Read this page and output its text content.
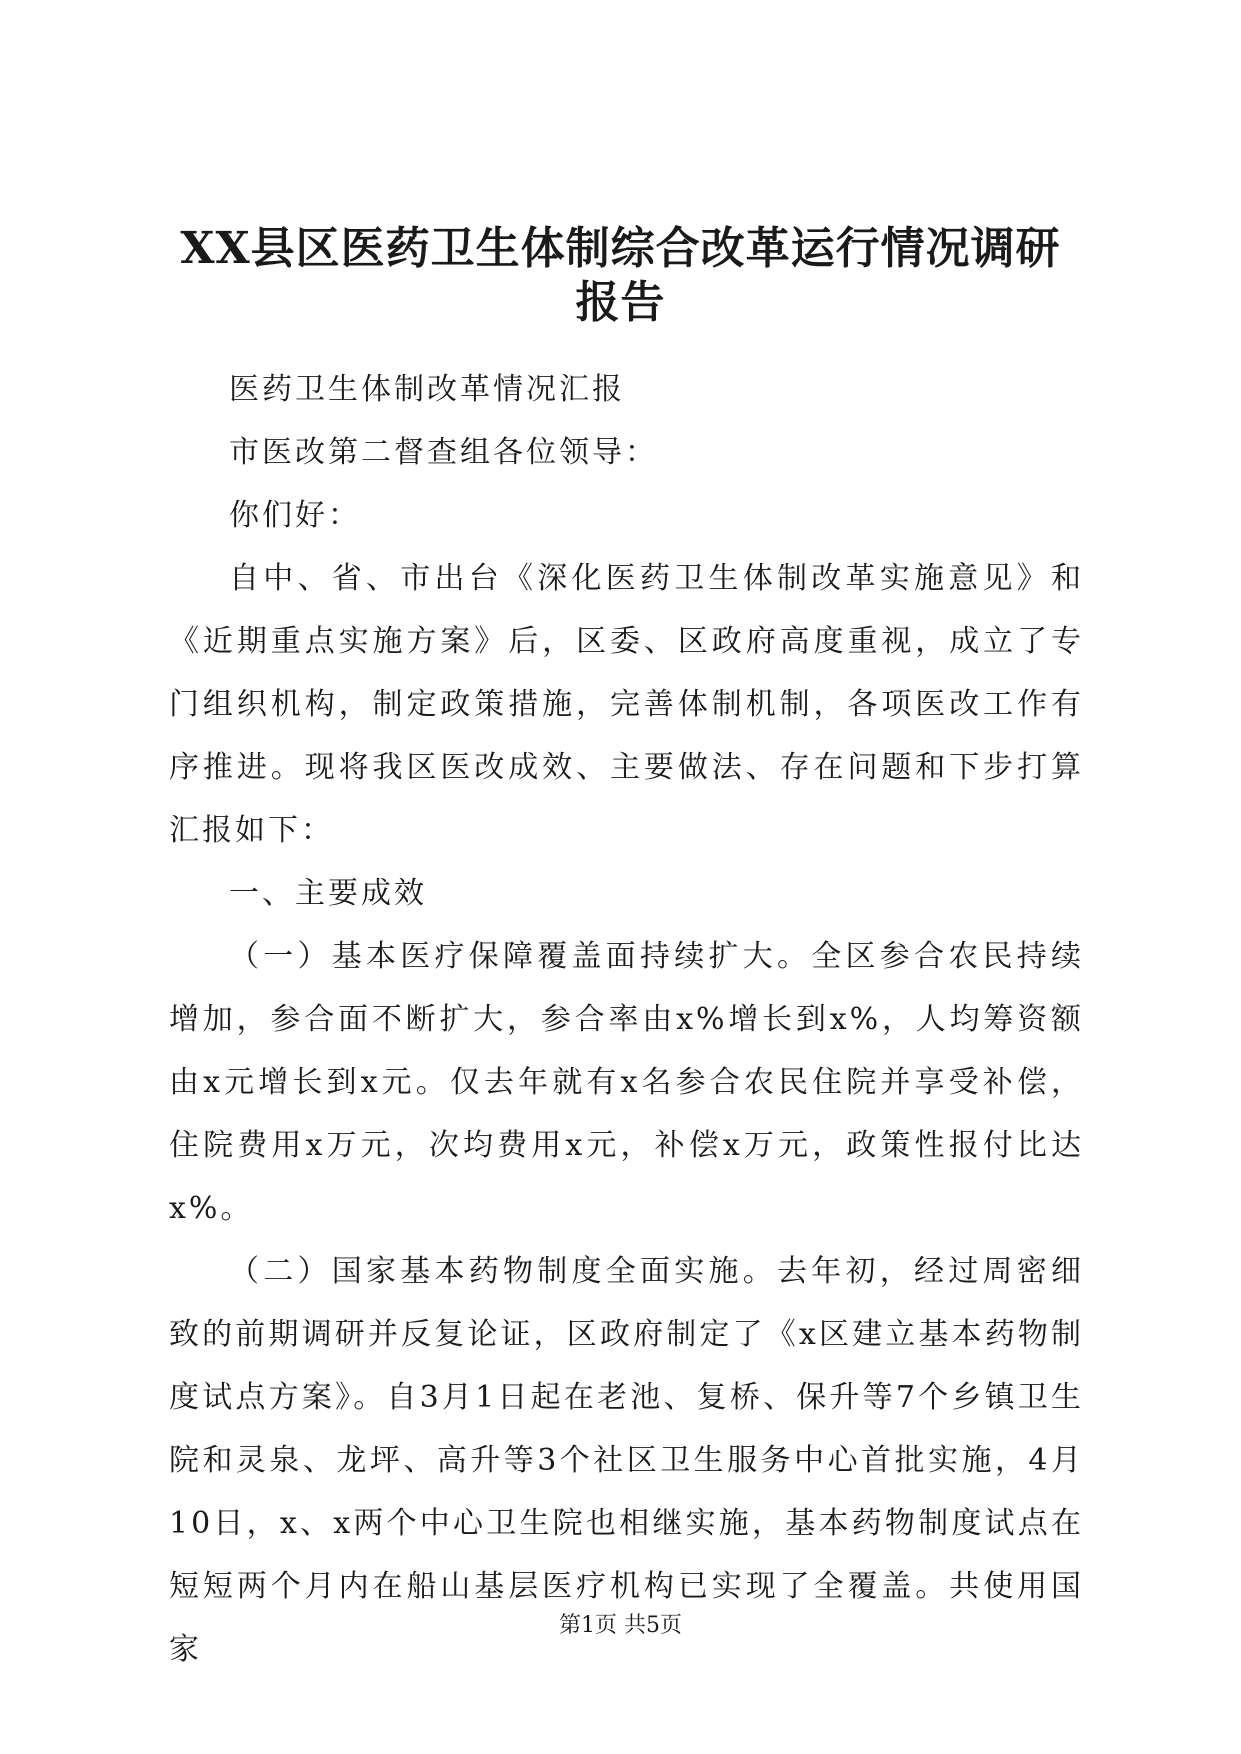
XX县区医药卫生体制综合改革运行情况调研报告

医药卫生体制改革情况汇报

市医改第二督查组各位领导：

你们好：

自中、省、市出台《深化医药卫生体制改革实施意见》和《近期重点实施方案》后，区委、区政府高度重视，成立了专门组织机构，制定政策措施，完善体制机制，各项医改工作有序推进。现将我区医改成效、主要做法、存在问题和下步打算汇报如下：

一、主要成效

（一）基本医疗保障覆盖面持续扩大。全区参合农民持续增加，参合面不断扩大，参合率由x%增长到x%，人均筹资额由x元增长到x元。仅去年就有x名参合农民住院并享受补偿，住院费用x万元，次均费用x元，补偿x万元，政策性报付比达x%。

（二）国家基本药物制度全面实施。去年初，经过周密细致的前期调研并反复论证，区政府制定了《x区建立基本药物制度试点方案》。自3月1日起在老池、复桥、保升等7个乡镇卫生院和灵泉、龙坪、高升等3个社区卫生服务中心首批实施，4月10日，x、x两个中心卫生院也相继实施，基本药物制度试点在短短两个月内在船山基层医疗机构已实现了全覆盖。共使用国家

第1页 共5页
